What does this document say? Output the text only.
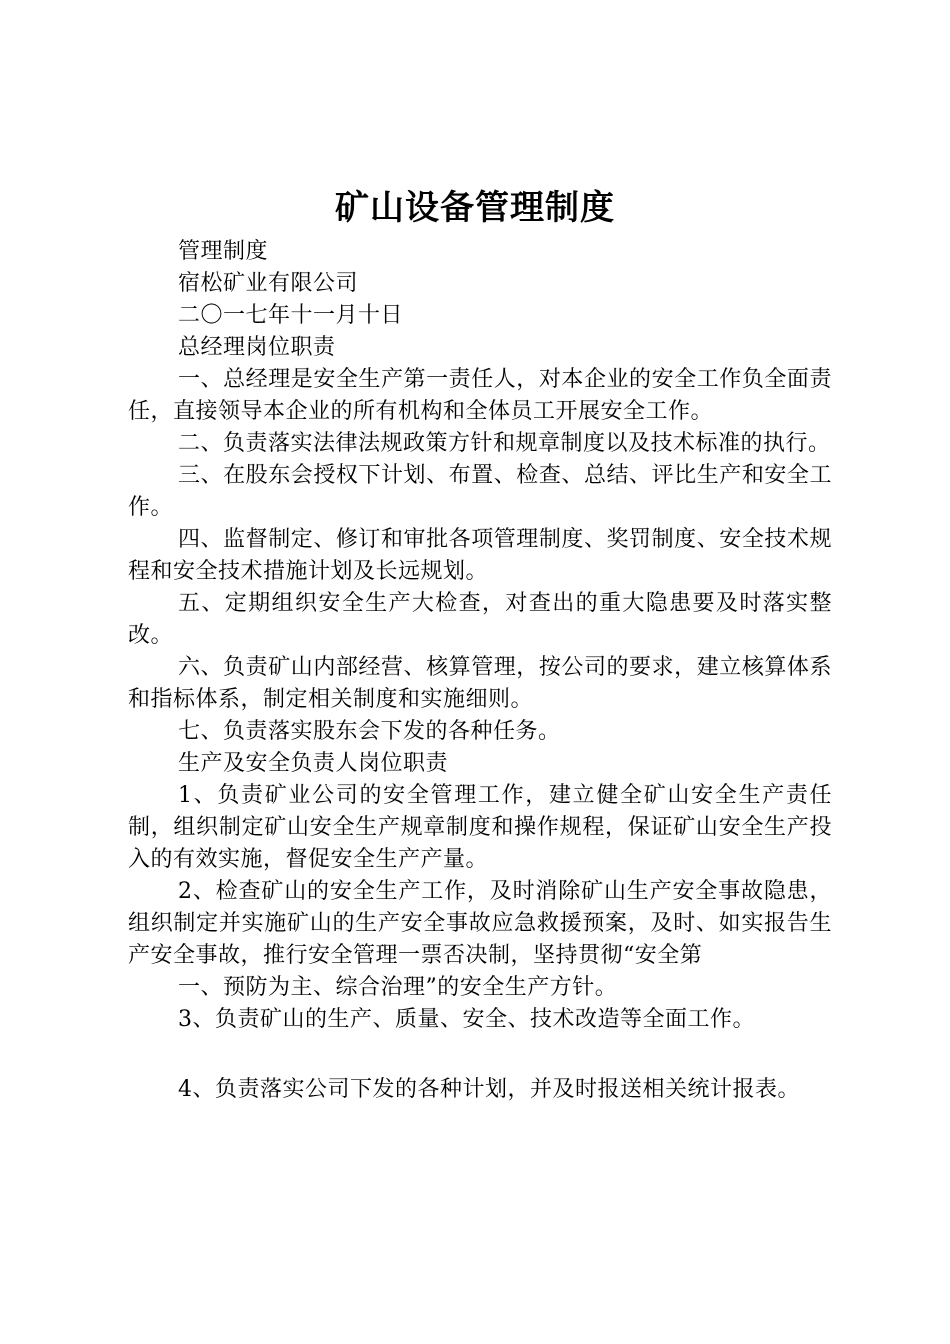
矿山设备管理制度

管理制度

宿松矿业有限公司

二〇一七年十一月十日

总经理岗位职责

一、总经理是安全生产第一责任人，对本企业的安全工作负全面责任，直接领导本企业的所有机构和全体员工开展安全工作。

二、负责落实法律法规政策方针和规章制度以及技术标准的执行。

三、在股东会授权下计划、布置、检查、总结、评比生产和安全工作。

四、监督制定、修订和审批各项管理制度、奖罚制度、安全技术规程和安全技术措施计划及长远规划。

五、定期组织安全生产大检查，对查出的重大隐患要及时落实整改。

六、负责矿山内部经营、核算管理，按公司的要求，建立核算体系和指标体系，制定相关制度和实施细则。

七、负责落实股东会下发的各种任务。

生产及安全负责人岗位职责

1、负责矿业公司的安全管理工作，建立健全矿山安全生产责任制，组织制定矿山安全生产规章制度和操作规程，保证矿山安全生产投入的有效实施，督促安全生产产量。

2、检查矿山的安全生产工作，及时消除矿山生产安全事故隐患，组织制定并实施矿山的生产安全事故应急救援预案，及时、如实报告生产安全事故，推行安全管理一票否决制，坚持贯彻“安全第

一、预防为主、综合治理”的安全生产方针。

3、负责矿山的生产、质量、安全、技术改造等全面工作。

4、负责落实公司下发的各种计划，并及时报送相关统计报表。
